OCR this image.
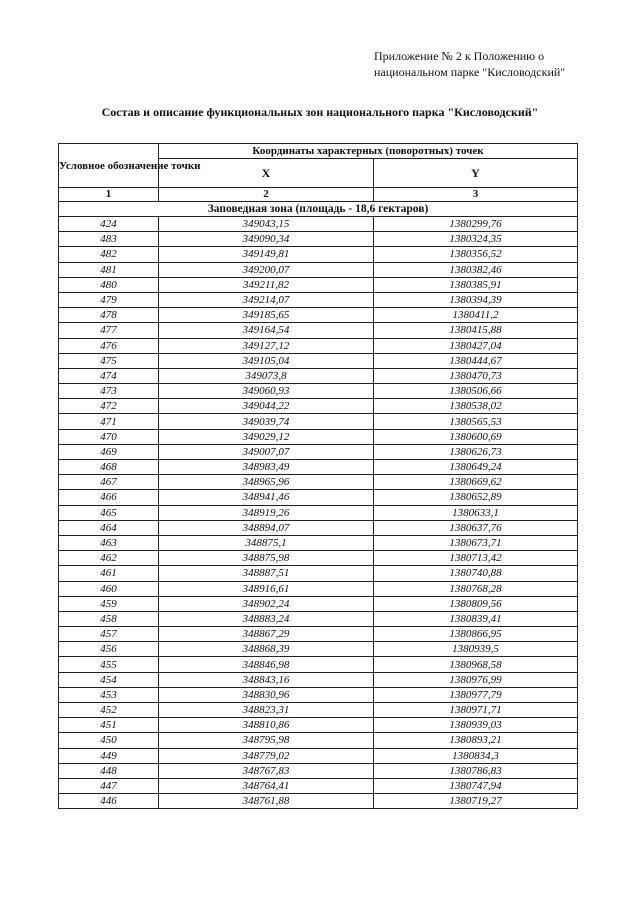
Приложение № 2 к Положению о
национальном парке "Кисловодский"
Состав и описание функциональных зон национального парка "Кисловодский"
Условное обозначение точки	Координаты характерных (поворотных) точек	
	X	Y
1	2	3
Заповедная зона (площадь - 18,6 гектаров)		
424	349043,15	1380299,76
483	349090,34	1380324,35
482	349149,81	1380356,52
481	349200,07	1380382,46
480	349211,82	1380385,91
479	349214,07	1380394,39
478	349185,65	1380411,2
477	349164,54	1380415,88
476	349127,12	1380427,04
475	349105,04	1380444,67
474	349073,8	1380470,73
473	349060,93	1380506,66
472	349044,22	1380538,02
471	349039,74	1380565,53
470	349029,12	1380600,69
469	349007,07	1380626,73
468	348983,49	1380649,24
467	348965,96	1380669,62
466	348941,46	1380652,89
465	348919,26	1380633,1
464	348894,07	1380637,76
463	348875,1	1380673,71
462	348875,98	1380713,42
461	348887,51	1380740,88
460	348916,61	1380768,28
459	348902,24	1380809,56
458	348883,24	1380839,41
457	348867,29	1380866,95
456	348868,39	1380939,5
455	348846,98	1380968,58
454	348843,16	1380976,99
453	348830,96	1380977,79
452	348823,31	1380971,71
451	348810,86	1380939,03
450	348795,98	1380893,21
449	348779,02	1380834,3
448	348767,83	1380786,83
447	348764,41	1380747,94
446	348761,88	1380719,27
